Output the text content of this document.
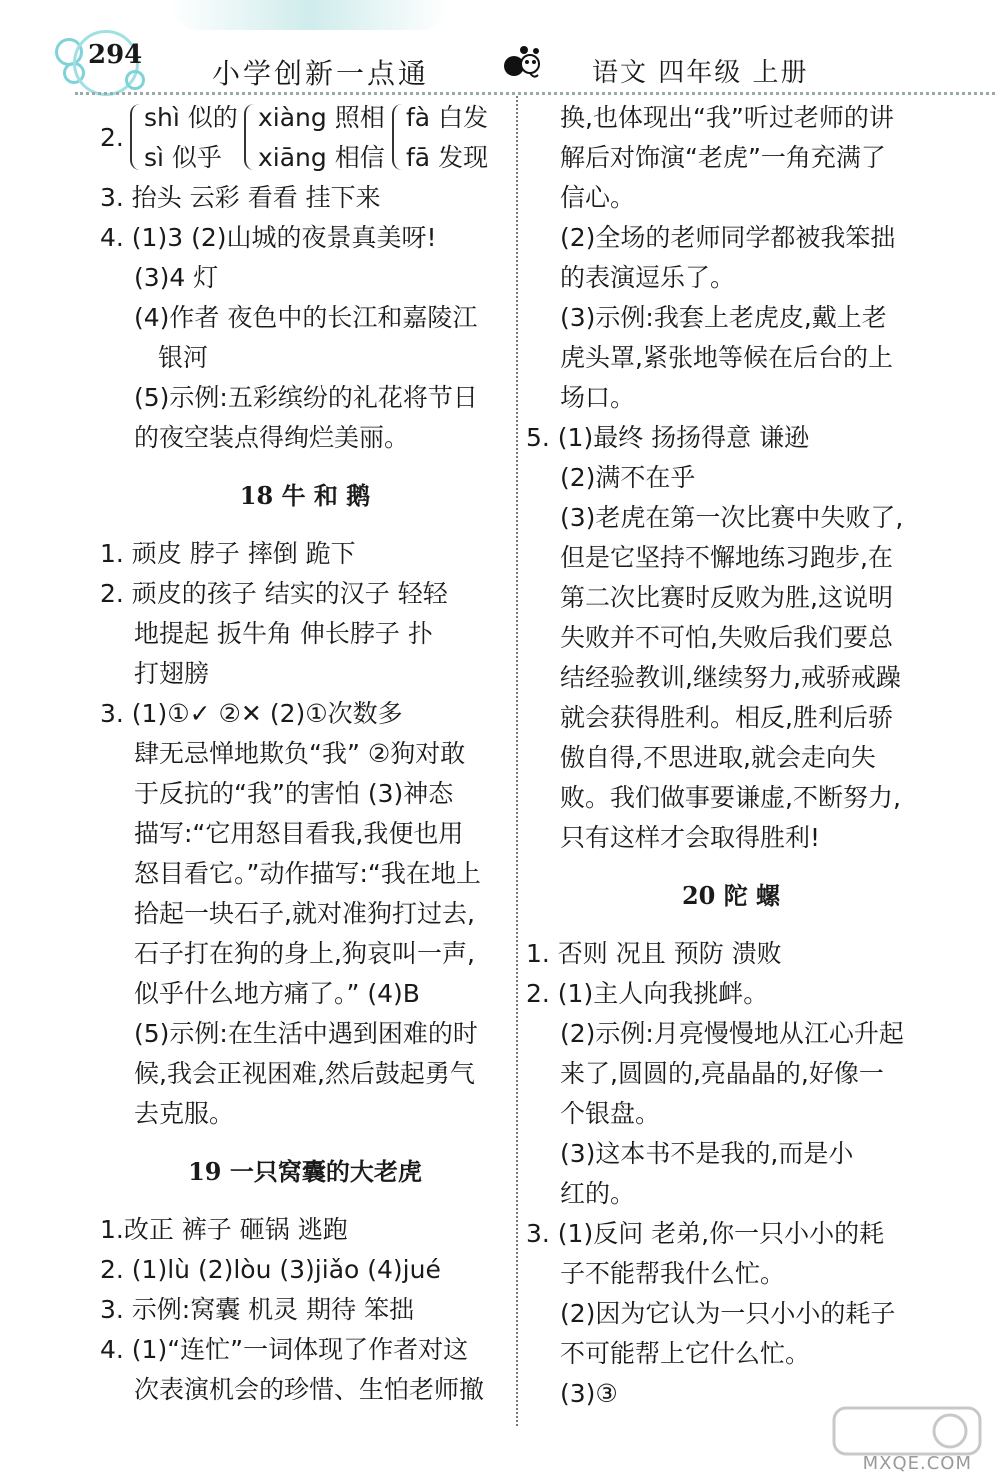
294
小学创新一点通	语文 四年级 上册
2.
shì 似的
sì 似乎
xiàng 照相
xiāng 相信
fà 白发
fā 发现
3. 抬头 云彩 看看 挂下来
4. (1)3 (2)山城的夜景真美呀!
(3)4 灯
(4)作者 夜色中的长江和嘉陵江
银河
(5)示例:五彩缤纷的礼花将节日
的夜空装点得绚烂美丽。
18 牛 和 鹅
1. 顽皮 脖子 摔倒 跪下
2. 顽皮的孩子 结实的汉子 轻轻
地提起 扳牛角 伸长脖子 扑
打翅膀
3. (1)①✓ ②✕ (2)①次数多
肆无忌惮地欺负“我” ②狗对敢
于反抗的“我”的害怕 (3)神态
描写:“它用怒目看我,我便也用
怒目看它。”动作描写:“我在地上
拾起一块石子,就对准狗打过去,
石子打在狗的身上,狗哀叫一声,
似乎什么地方痛了。” (4)B
(5)示例:在生活中遇到困难的时
候,我会正视困难,然后鼓起勇气
去克服。
19 一只窝囊的大老虎
1.改正 裤子 砸锅 逃跑
2. (1)lù (2)lòu (3)jiǎo (4)jué
3. 示例:窝囊 机灵 期待 笨拙
4. (1)“连忙”一词体现了作者对这
次表演机会的珍惜、生怕老师撤
换,也体现出“我”听过老师的讲
解后对饰演“老虎”一角充满了
信心。
(2)全场的老师同学都被我笨拙
的表演逗乐了。
(3)示例:我套上老虎皮,戴上老
虎头罩,紧张地等候在后台的上
场口。
5. (1)最终 扬扬得意 谦逊
(2)满不在乎
(3)老虎在第一次比赛中失败了,
但是它坚持不懈地练习跑步,在
第二次比赛时反败为胜,这说明
失败并不可怕,失败后我们要总
结经验教训,继续努力,戒骄戒躁
就会获得胜利。相反,胜利后骄
傲自得,不思进取,就会走向失
败。我们做事要谦虚,不断努力,
只有这样才会取得胜利!
20 陀 螺
1. 否则 况且 预防 溃败
2. (1)主人向我挑衅。
(2)示例:月亮慢慢地从江心升起
来了,圆圆的,亮晶晶的,好像一
个银盘。
(3)这本书不是我的,而是小
红的。
3. (1)反问 老弟,你一只小小的耗
子不能帮我什么忙。
(2)因为它认为一只小小的耗子
不可能帮上它什么忙。
(3)③
MXQE.COM
